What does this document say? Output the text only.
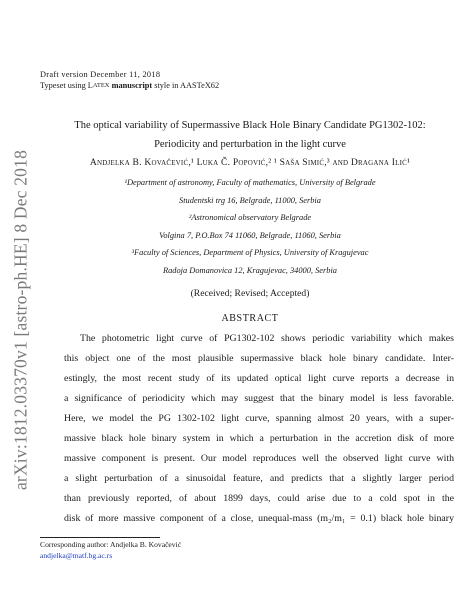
arXiv:1812.03370v1 [astro-ph.HE] 8 Dec 2018
Draft version December 11, 2018
Typeset using LATEX manuscript style in AASTeX62
The optical variability of Supermassive Black Hole Binary Candidate PG1302-102:
Periodicity and perturbation in the light curve
Andjelka B. Kovačević,¹ Luka Č. Popović,² ¹ Saša Simić,³ and Dragana Ilić¹
¹Department of astronomy, Faculty of mathematics, University of Belgrade
Studentski trg 16, Belgrade, 11000, Serbia
²Astronomical observatory Belgrade
Volgina 7, P.O.Box 74 11060, Belgrade, 11060, Serbia
³Faculty of Sciences, Department of Physics, University of Kragujevac
Radoja Domanovica 12, Kragujevac, 34000, Serbia
(Received; Revised; Accepted)
ABSTRACT
The photometric light curve of PG1302-102 shows periodic variability which makes
this object one of the most plausible supermassive black hole binary candidate. Inter-
estingly, the most recent study of its updated optical light curve reports a decrease in
a significance of periodicity which may suggest that the binary model is less favorable.
Here, we model the PG 1302-102 light curve, spanning almost 20 years, with a super-
massive black hole binary system in which a perturbation in the accretion disk of more
massive component is present. Our model reproduces well the observed light curve with
a slight perturbation of a sinusoidal feature, and predicts that a slightly larger period
than previously reported, of about 1899 days, could arise due to a cold spot in the
disk of more massive component of a close, unequal-mass (m₂/m₁ = 0.1) black hole binary
Corresponding author: Andjelka B. Kovačević
andjelka@matf.bg.ac.rs
